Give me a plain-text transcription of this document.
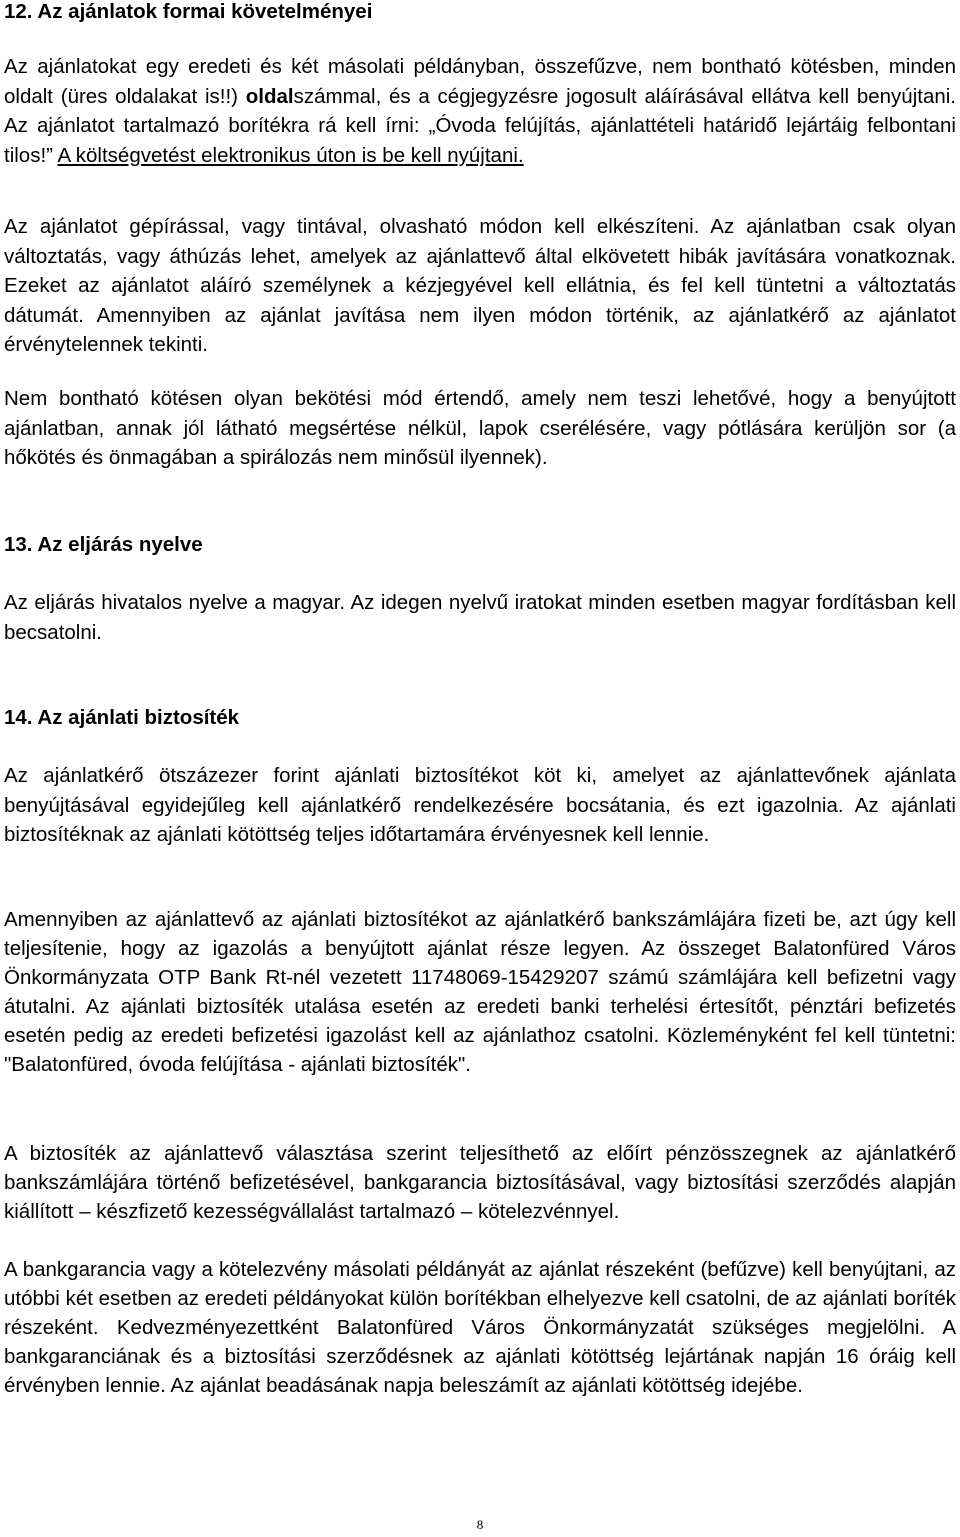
12. Az ajánlatok formai követelményei

Az ajánlatokat egy eredeti és két másolati példányban, összefűzve, nem bontható kötésben, minden oldalt (üres oldalakat is!!) oldalszámmal, és a cégjegyzésre jogosult aláírásával ellátva kell benyújtani. Az ajánlatot tartalmazó borítékra rá kell írni: „Óvoda felújítás, ajánlattételi határidő lejártáig felbontani tilos!” A költségvetést elektronikus úton is be kell nyújtani.

Az ajánlatot gépírással, vagy tintával, olvasható módon kell elkészíteni. Az ajánlatban csak olyan változtatás, vagy áthúzás lehet, amelyek az ajánlattevő által elkövetett hibák javítására vonatkoznak. Ezeket az ajánlatot aláíró személynek a kézjegyével kell ellátnia, és fel kell tüntetni a változtatás dátumát. Amennyiben az ajánlat javítása nem ilyen módon történik, az ajánlatkérő az ajánlatot érvénytelennek tekinti.

Nem bontható kötésen olyan bekötési mód értendő, amely nem teszi lehetővé, hogy a benyújtott ajánlatban, annak jól látható megsértése nélkül, lapok cserélésére, vagy pótlására kerüljön sor (a hőkötés és önmagában a spirálozás nem minősül ilyennek).

13. Az eljárás nyelve

Az eljárás hivatalos nyelve a magyar. Az idegen nyelvű iratokat minden esetben magyar fordításban kell becsatolni.

14. Az ajánlati biztosíték

Az ajánlatkérő ötszázezer forint ajánlati biztosítékot köt ki, amelyet az ajánlattevőnek ajánlata benyújtásával egyidejűleg kell ajánlatkérő rendelkezésére bocsátania, és ezt igazolnia. Az ajánlati biztosítéknak az ajánlati kötöttség teljes időtartamára érvényesnek kell lennie.

Amennyiben az ajánlattevő az ajánlati biztosítékot az ajánlatkérő bankszámlájára fizeti be, azt úgy kell teljesítenie, hogy az igazolás a benyújtott ajánlat része legyen. Az összeget Balatonfüred Város Önkormányzata OTP Bank Rt-nél vezetett 11748069-15429207 számú számlájára kell befizetni vagy átutalni. Az ajánlati biztosíték utalása esetén az eredeti banki terhelési értesítőt, pénztári befizetés esetén pedig az eredeti befizetési igazolást kell az ajánlathoz csatolni. Közleményként fel kell tüntetni: "Balatonfüred, óvoda felújítása - ajánlati biztosíték".

A biztosíték az ajánlattevő választása szerint teljesíthető az előírt pénzösszegnek az ajánlatkérő bankszámlájára történő befizetésével, bankgarancia biztosításával, vagy biztosítási szerződés alapján kiállított – készfizető kezességvállalást tartalmazó – kötelezvénnyel.

A bankgarancia vagy a kötelezvény másolati példányát az ajánlat részeként (befűzve) kell benyújtani, az utóbbi két esetben az eredeti példányokat külön borítékban elhelyezve kell csatolni, de az ajánlati boríték részeként. Kedvezményezettként Balatonfüred Város Önkormányzatát szükséges megjelölni. A bankgaranciának és a biztosítási szerződésnek az ajánlati kötöttség lejártának napján 16 óráig kell érvényben lennie. Az ajánlat beadásának napja beleszámít az ajánlati kötöttség idejébe.

8
